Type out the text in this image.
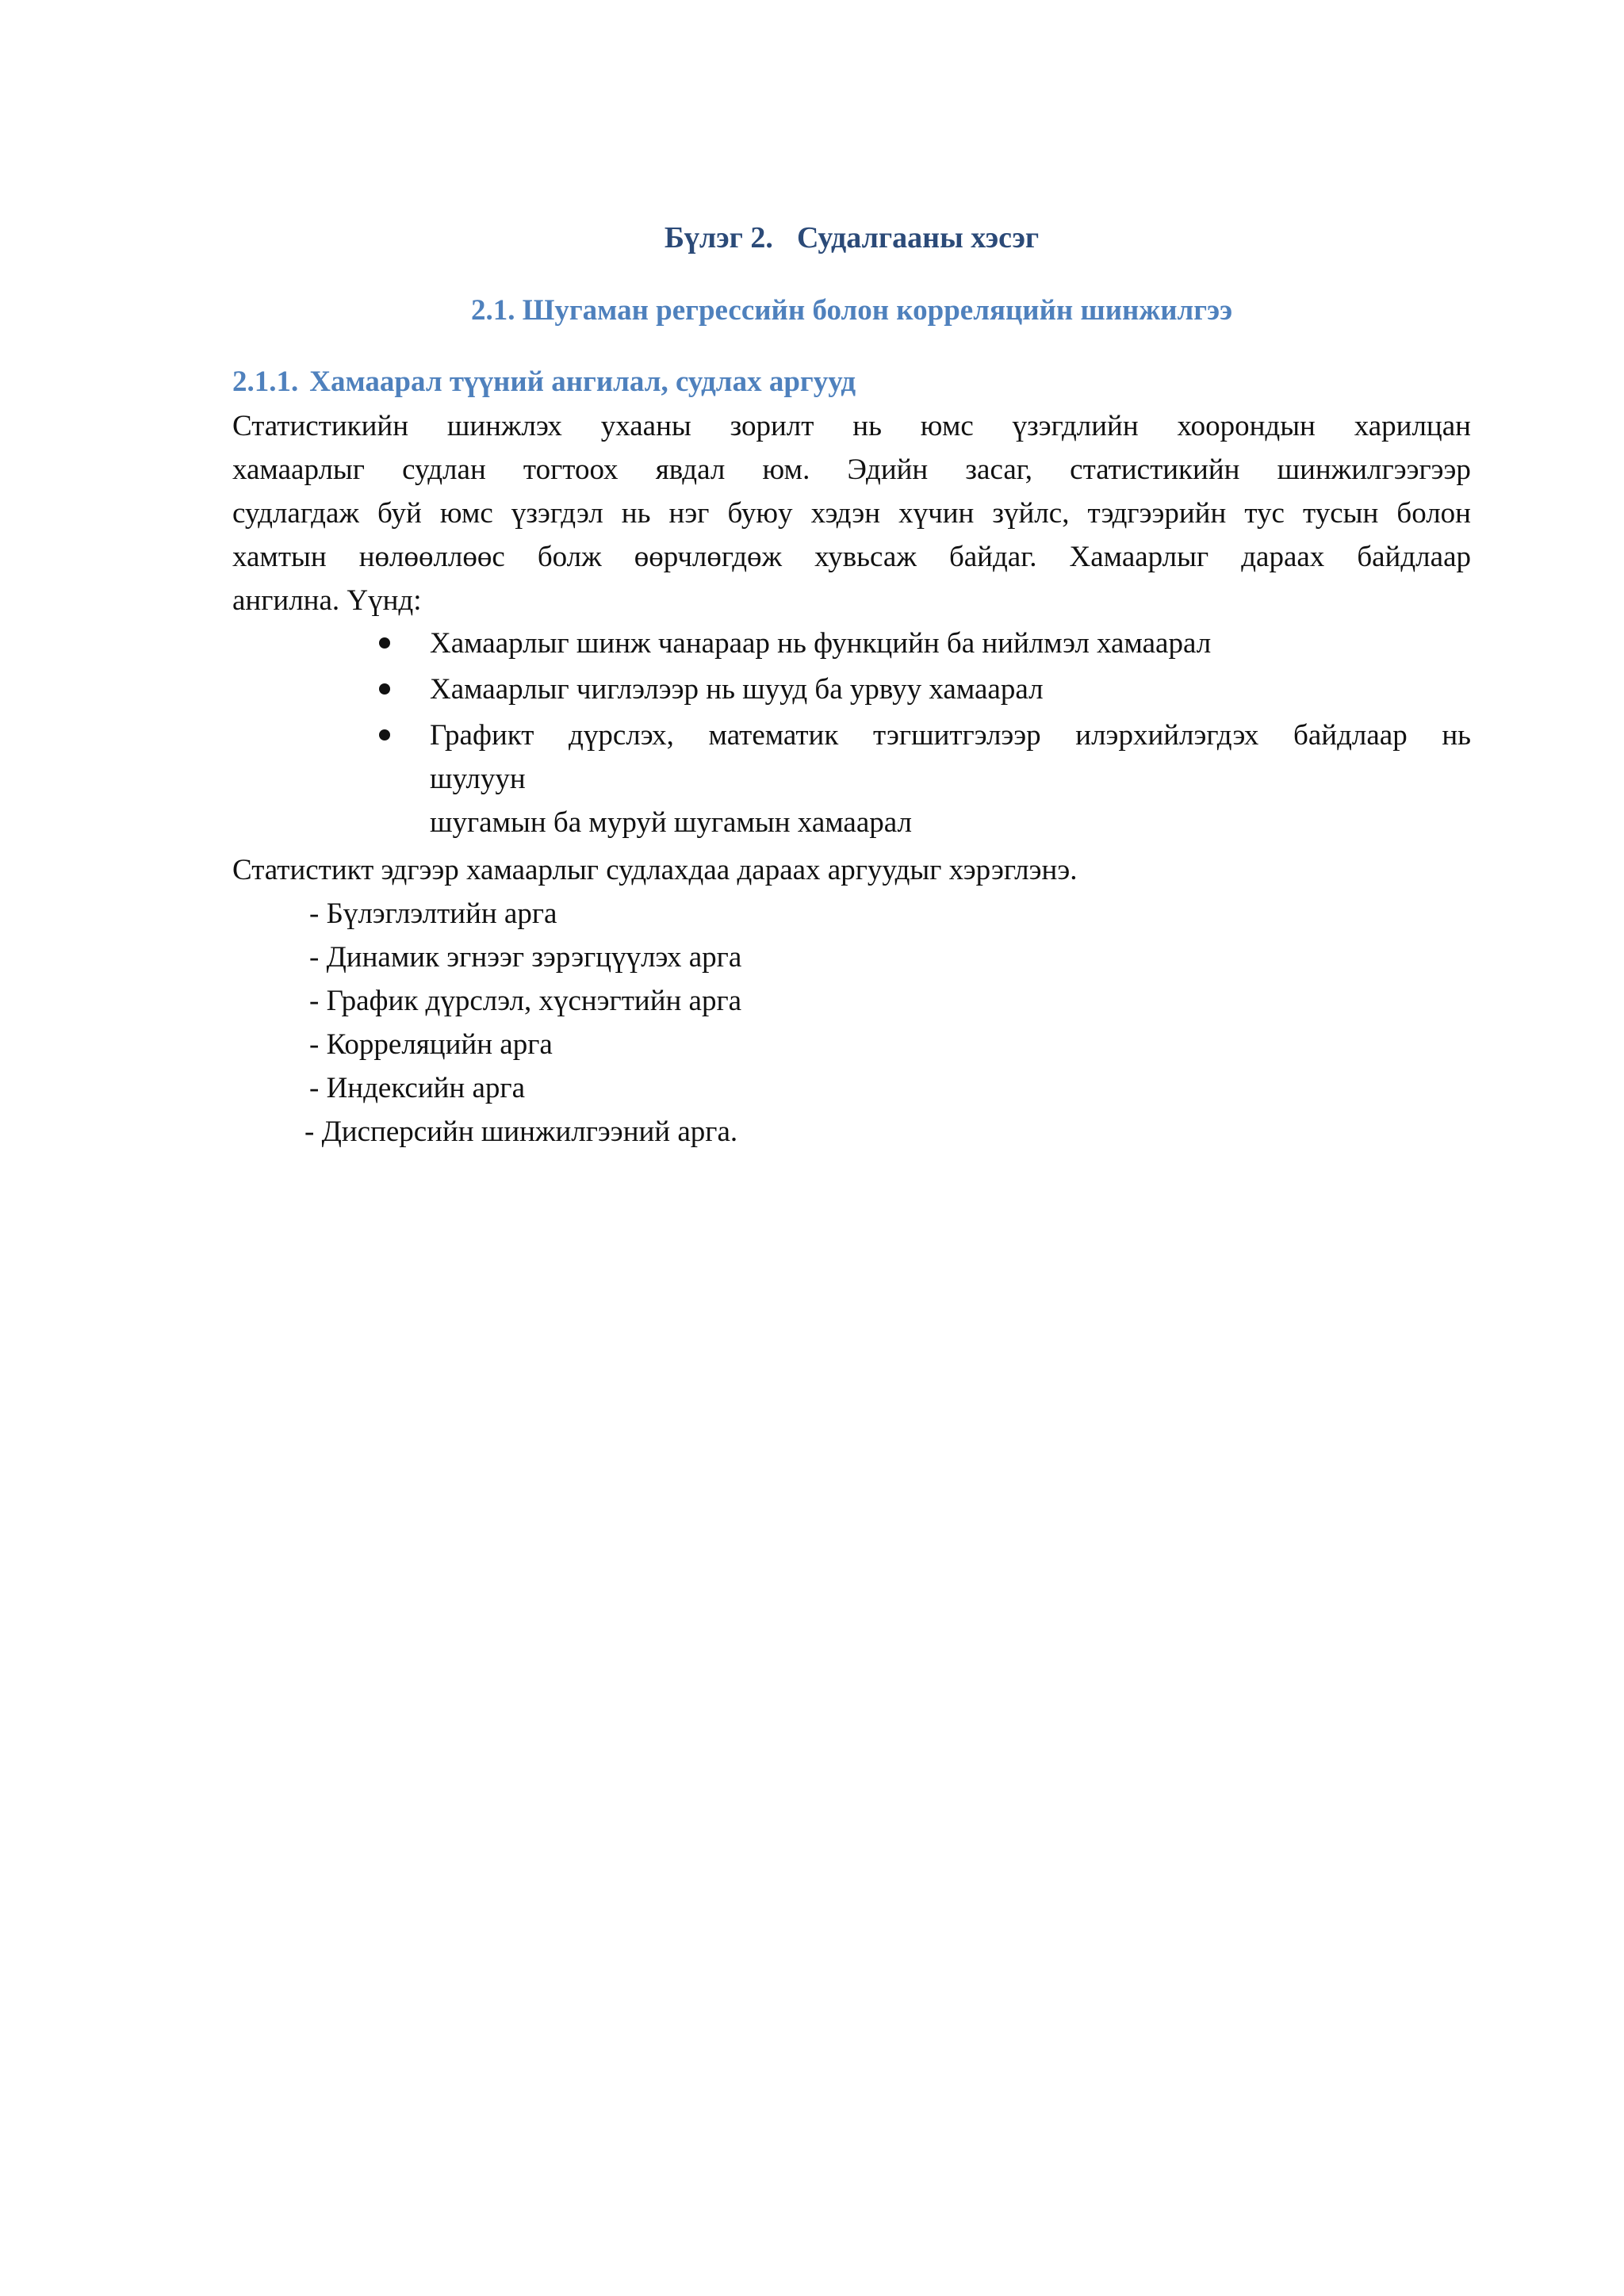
Бүлэг 2. Судалгааны хэсэг
2.1. Шугаман регрессийн болон корреляцийн шинжилгээ
2.1.1. Хамаарал түүний ангилал, судлах аргууд
Статистикийн шинжлэх ухааны зорилт нь юмс үзэгдлийн хоорондын харилцан
хамаарлыг судлан тогтоох явдал юм. Эдийн засаг, статистикийн шинжилгээгээр
судлагдаж буй юмс үзэгдэл нь нэг буюу хэдэн хүчин зүйлс, тэдгээрийн тус тусын болон
хамтын нөлөөллөөс болж өөрчлөгдөж хувьсаж байдаг. Хамаарлыг дараах байдлаар
ангилна. Үүнд:
Хамаарлыг шинж чанараар нь функцийн ба нийлмэл хамаарал
Хамаарлыг чиглэлээр нь шууд ба урвуу хамаарал
Графикт дүрслэх, математик тэгшитгэлээр илэрхийлэгдэх байдлаар нь
шулуун
шугамын ба муруй шугамын хамаарал
Статистикт эдгээр хамаарлыг судлахдаа дараах аргуудыг хэрэглэнэ.
- Бүлэглэлтийн арга
- Динамик эгнээг зэрэгцүүлэх арга
- График дүрслэл, хүснэгтийн арга
- Корреляцийн арга
- Индексийн арга
- Дисперсийн шинжилгээний арга.
